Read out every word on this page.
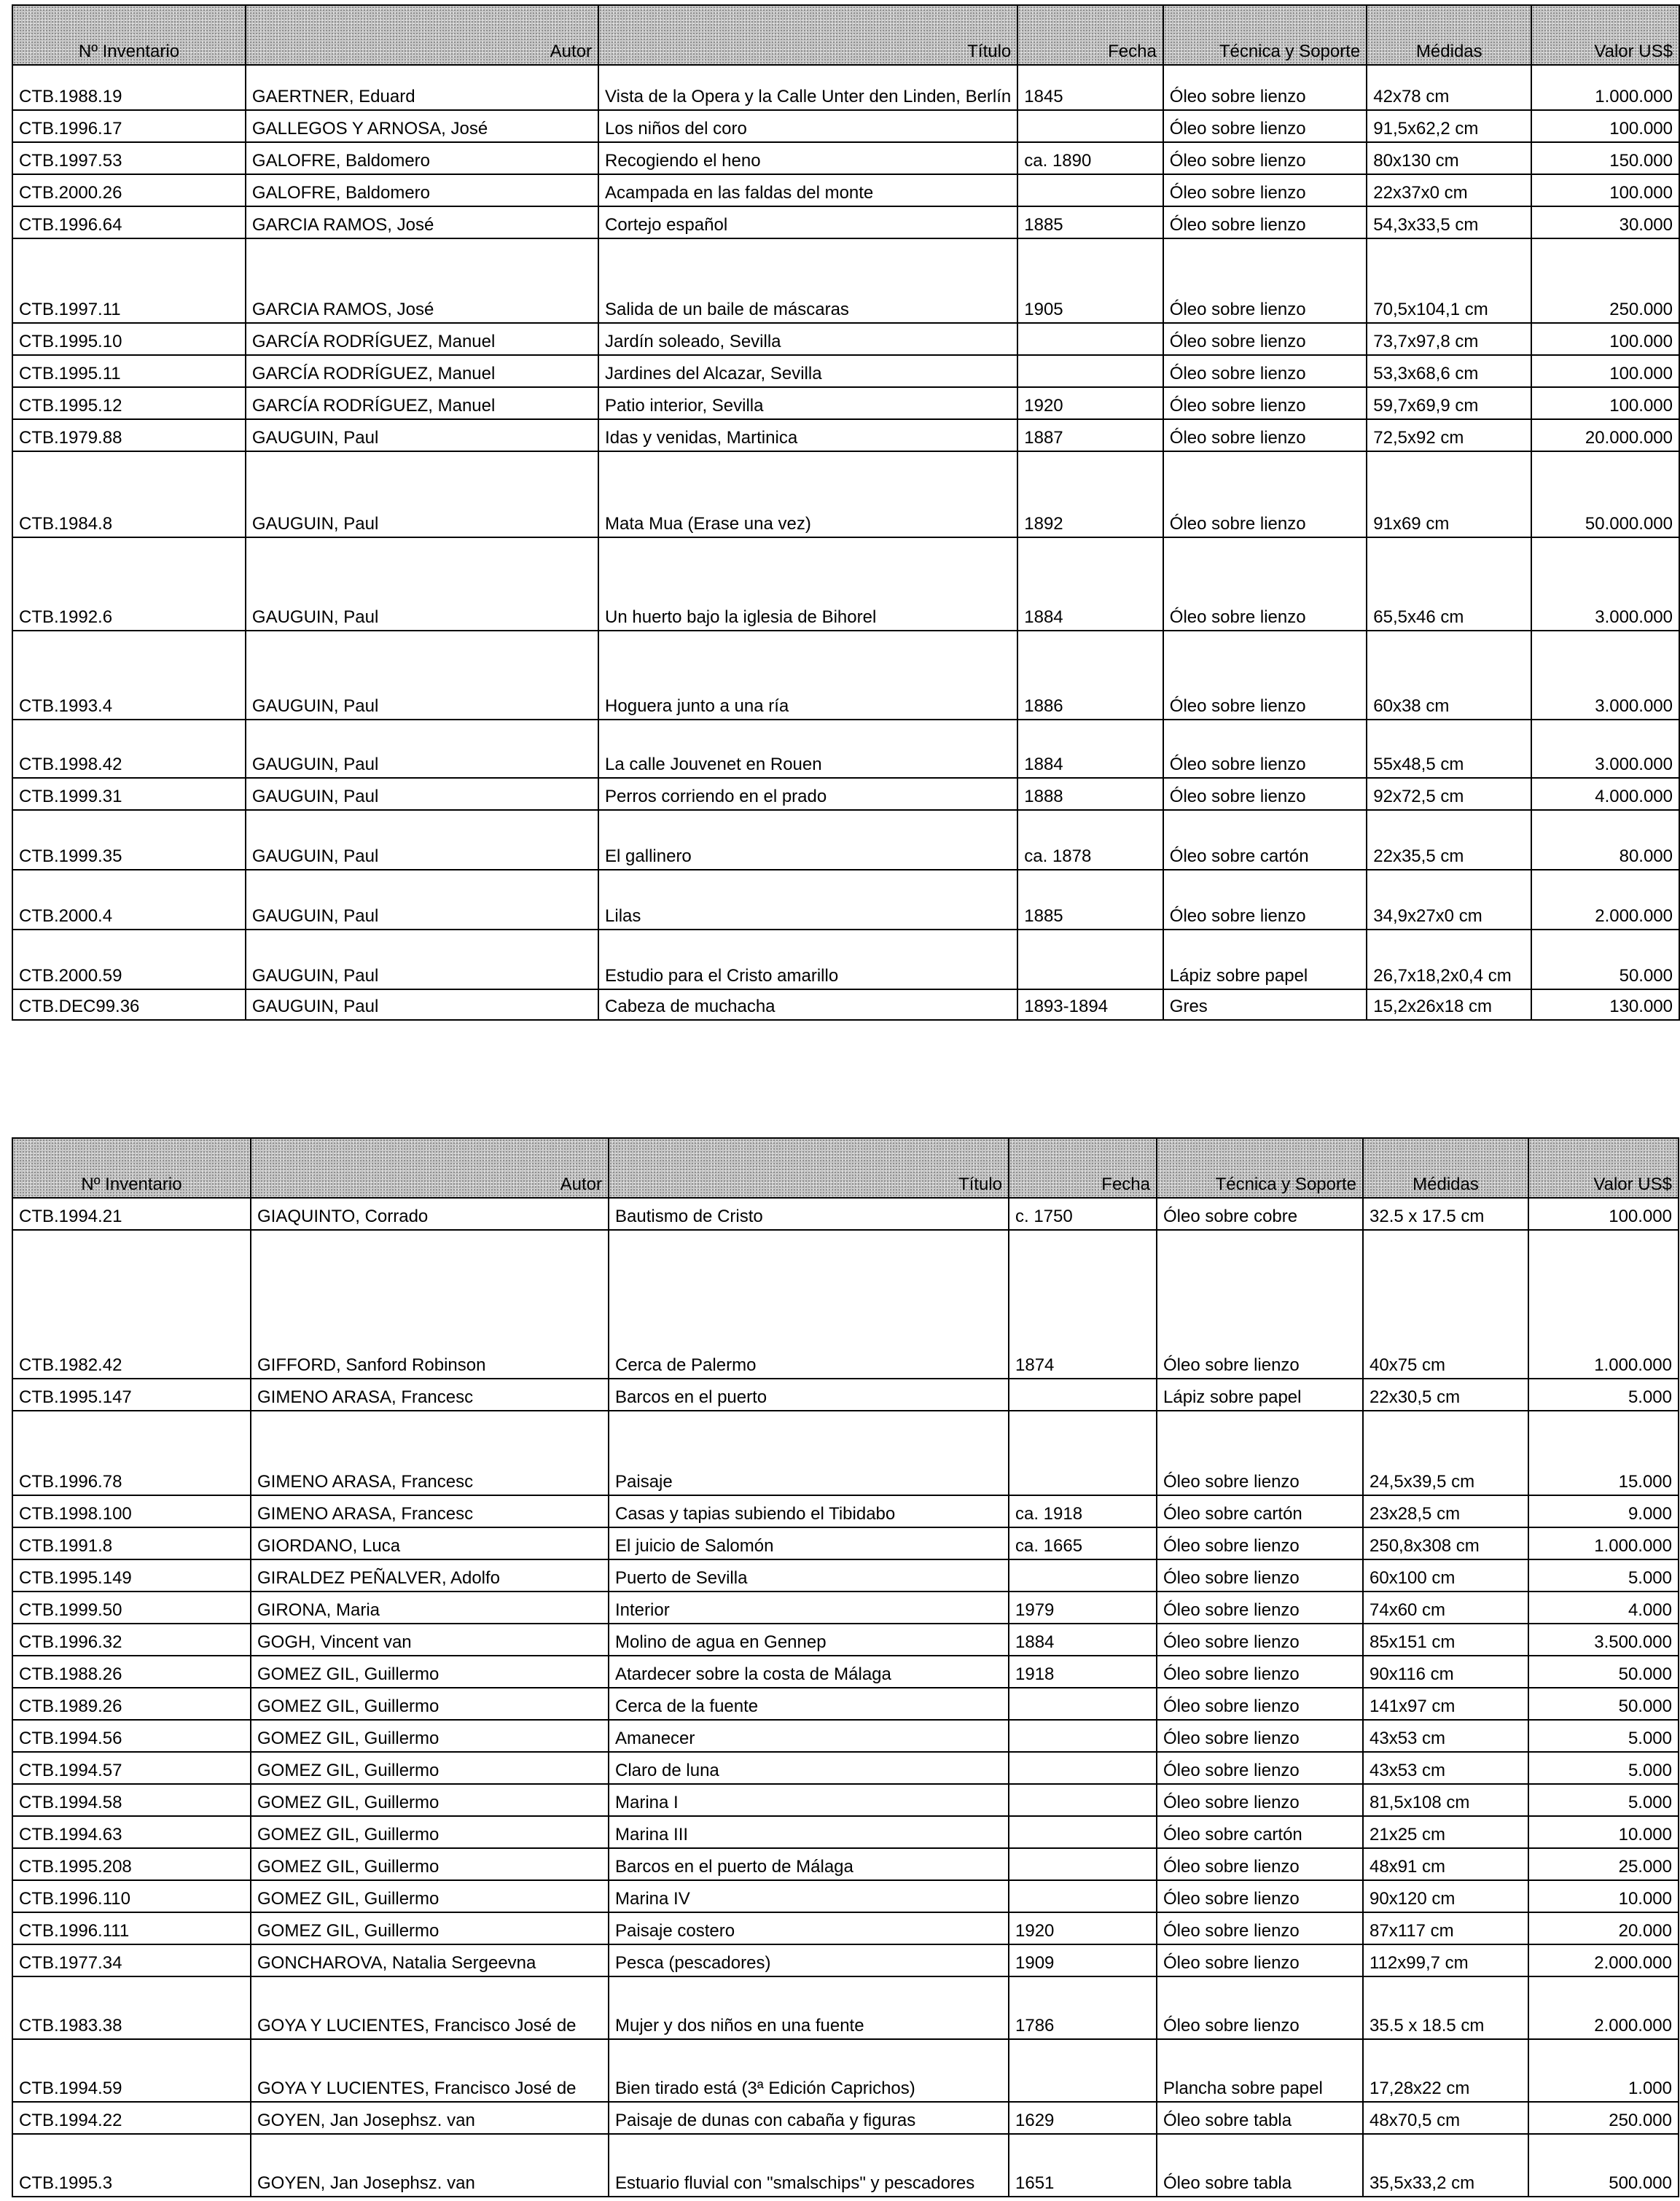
Nº Inventario	Autor	Título	Fecha	Técnica y Soporte	Médidas	Valor US$
CTB.1988.19	GAERTNER, Eduard	Vista de la Opera y la Calle Unter den Linden, Berlín	1845	Óleo sobre lienzo	42x78 cm	1.000.000
CTB.1996.17	GALLEGOS Y ARNOSA, José	Los niños del coro		Óleo sobre lienzo	91,5x62,2 cm	100.000
CTB.1997.53	GALOFRE, Baldomero	Recogiendo el heno	ca. 1890	Óleo sobre lienzo	80x130 cm	150.000
CTB.2000.26	GALOFRE, Baldomero	Acampada en las faldas del monte		Óleo sobre lienzo	22x37x0 cm	100.000
CTB.1996.64	GARCIA RAMOS, José	Cortejo español	1885	Óleo sobre lienzo	54,3x33,5 cm	30.000
CTB.1997.11	GARCIA RAMOS, José	Salida de un baile de máscaras	1905	Óleo sobre lienzo	70,5x104,1 cm	250.000
CTB.1995.10	GARCÍA RODRÍGUEZ, Manuel	Jardín soleado, Sevilla		Óleo sobre lienzo	73,7x97,8 cm	100.000
CTB.1995.11	GARCÍA RODRÍGUEZ, Manuel	Jardines del Alcazar, Sevilla		Óleo sobre lienzo	53,3x68,6 cm	100.000
CTB.1995.12	GARCÍA RODRÍGUEZ, Manuel	Patio interior, Sevilla	1920	Óleo sobre lienzo	59,7x69,9 cm	100.000
CTB.1979.88	GAUGUIN, Paul	Idas y venidas, Martinica	1887	Óleo sobre lienzo	72,5x92 cm	20.000.000
CTB.1984.8	GAUGUIN, Paul	Mata Mua (Erase una vez)	1892	Óleo sobre lienzo	91x69 cm	50.000.000
CTB.1992.6	GAUGUIN, Paul	Un huerto bajo la iglesia de Bihorel	1884	Óleo sobre lienzo	65,5x46 cm	3.000.000
CTB.1993.4	GAUGUIN, Paul	Hoguera junto a una ría	1886	Óleo sobre lienzo	60x38 cm	3.000.000
CTB.1998.42	GAUGUIN, Paul	La calle Jouvenet en Rouen	1884	Óleo sobre lienzo	55x48,5 cm	3.000.000
CTB.1999.31	GAUGUIN, Paul	Perros corriendo en el prado	1888	Óleo sobre lienzo	92x72,5 cm	4.000.000
CTB.1999.35	GAUGUIN, Paul	El gallinero	ca. 1878	Óleo sobre cartón	22x35,5 cm	80.000
CTB.2000.4	GAUGUIN, Paul	Lilas	1885	Óleo sobre lienzo	34,9x27x0 cm	2.000.000
CTB.2000.59	GAUGUIN, Paul	Estudio para el Cristo amarillo		Lápiz sobre papel	26,7x18,2x0,4 cm	50.000
CTB.DEC99.36	GAUGUIN, Paul	Cabeza de muchacha	1893-1894	Gres	15,2x26x18 cm	130.000
Nº Inventario	Autor	Título	Fecha	Técnica y Soporte	Médidas	Valor US$
CTB.1994.21	GIAQUINTO, Corrado	Bautismo de Cristo	c. 1750	Óleo sobre cobre	32.5 x 17.5 cm	100.000
CTB.1982.42	GIFFORD, Sanford Robinson	Cerca de Palermo	1874	Óleo sobre lienzo	40x75 cm	1.000.000
CTB.1995.147	GIMENO ARASA, Francesc	Barcos en el puerto		Lápiz sobre papel	22x30,5 cm	5.000
CTB.1996.78	GIMENO ARASA, Francesc	Paisaje		Óleo sobre lienzo	24,5x39,5 cm	15.000
CTB.1998.100	GIMENO ARASA, Francesc	Casas y tapias subiendo el Tibidabo	ca. 1918	Óleo sobre cartón	23x28,5 cm	9.000
CTB.1991.8	GIORDANO, Luca	El juicio de Salomón	ca. 1665	Óleo sobre lienzo	250,8x308 cm	1.000.000
CTB.1995.149	GIRALDEZ PEÑALVER, Adolfo	Puerto de Sevilla		Óleo sobre lienzo	60x100 cm	5.000
CTB.1999.50	GIRONA, Maria	Interior	1979	Óleo sobre lienzo	74x60 cm	4.000
CTB.1996.32	GOGH, Vincent van	Molino de agua en Gennep	1884	Óleo sobre lienzo	85x151 cm	3.500.000
CTB.1988.26	GOMEZ GIL, Guillermo	Atardecer sobre la costa de Málaga	1918	Óleo sobre lienzo	90x116 cm	50.000
CTB.1989.26	GOMEZ GIL, Guillermo	Cerca de la fuente		Óleo sobre lienzo	141x97 cm	50.000
CTB.1994.56	GOMEZ GIL, Guillermo	Amanecer		Óleo sobre lienzo	43x53 cm	5.000
CTB.1994.57	GOMEZ GIL, Guillermo	Claro de luna		Óleo sobre lienzo	43x53 cm	5.000
CTB.1994.58	GOMEZ GIL, Guillermo	Marina I		Óleo sobre lienzo	81,5x108 cm	5.000
CTB.1994.63	GOMEZ GIL, Guillermo	Marina III		Óleo sobre cartón	21x25 cm	10.000
CTB.1995.208	GOMEZ GIL, Guillermo	Barcos en el puerto de Málaga		Óleo sobre lienzo	48x91 cm	25.000
CTB.1996.110	GOMEZ GIL, Guillermo	Marina IV		Óleo sobre lienzo	90x120 cm	10.000
CTB.1996.111	GOMEZ GIL, Guillermo	Paisaje costero	1920	Óleo sobre lienzo	87x117 cm	20.000
CTB.1977.34	GONCHAROVA, Natalia Sergeevna	Pesca (pescadores)	1909	Óleo sobre lienzo	112x99,7 cm	2.000.000
CTB.1983.38	GOYA Y LUCIENTES, Francisco José de	Mujer y dos niños en una fuente	1786	Óleo sobre lienzo	35.5 x 18.5 cm	2.000.000
CTB.1994.59	GOYA Y LUCIENTES, Francisco José de	Bien tirado está (3ª Edición Caprichos)		Plancha sobre papel	17,28x22 cm	1.000
CTB.1994.22	GOYEN, Jan Josephsz. van	Paisaje de dunas con cabaña y figuras	1629	Óleo sobre tabla	48x70,5 cm	250.000
CTB.1995.3	GOYEN, Jan Josephsz. van	Estuario fluvial con "smalschips" y pescadores	1651	Óleo sobre tabla	35,5x33,2 cm	500.000
